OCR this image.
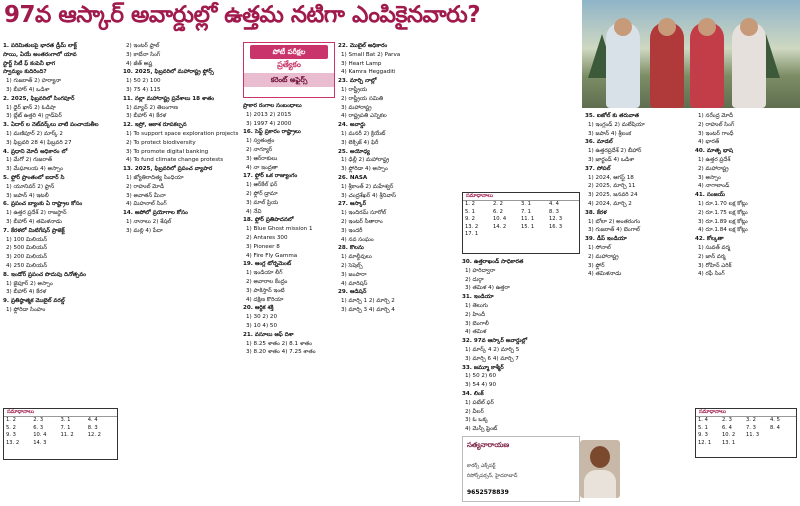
97వ ఆస్కార్ అవార్డుల్లో ఉత్తమ నటిగా ఎంపికైనవారు?

1. పరిమితులపై భారత డ్రీమ్ లాక్ట్

సాయి, ఏయే అంతరంగాలో యావ

స్టార్ట్ సిటీ ఫ్ కంపెనీ భాగ

స్వామ్యం కుదిరింది?

1) గుజరాత్ 2) హర్యానా

3) బీహార్ 4) ఒడిశా

2. 2025, ఫిబ్రవరిలో సింగపూర్

1) ధైర్ ఖాన్ 2) ఓడిషా

3) బ్లేట్ ఉత్తరి 4) గ్లాడ్‌పెర్

3. ఏదార్ ల నెట్‌వర్క్‌లు వాటి పంచాయతీల

1) మణిపూర్ 2) మార్క్ 2

3) ఫిబ్రవరి 28 4) ఫిబ్రవరి 27

4. ప్రధాని మోదీ అధికారం లో

1) మేగో 2) గుజరాత్

3) మేఘాలయ 4) అస్సాం

5. ఫ్లోర్‌ ప్రాంతంలో ఐదార్ సి

1) యూనివర్ 2) ఫ్రాన్

3) జపాన్ 4) ఇటలీ

6. ప్రపంచ బ్యాంకు ఏ రాష్ట్రాల కోసం

1) ఉత్తర ప్రదేశ్ 2) రాజస్థాన్

3) బీహార్ 4) తమిళనాడు

7. కేరళలో మిటిగేషన్ ప్రాజెక్ట్

1) 100 మిలియన్

2) 500 మిలియన్

3) 200 మిలియన్

4) 250 మిలియన్

8. ఇండోర్ ప్రపంచ పొదుపు దినోత్సవం

1) జైపూర్ 2) అస్సాం

3) బీహార్ 4) కేరళ

9. ప్రతిష్ఠాత్మక మొబైల్ వరల్డ్

1) ఫ్లోరిడా సింహం

2) ఇంటర్ ఫ్రాల్

3) కాబేనా సింగ్

4) జీత్ అష్ట

10. 2025, ఫిబ్రవరిలో మహారాష్ట్ర ఫ్లోర్స్

1) 50 2) 100

3) 75 4) 115

11. నల్లా మహారాష్ట్ర ప్రవేశాలు 18 శాతం

1) మ్యాన్ 2) తెలంగాణ

3) బీహార్ 4) కేరళ

12. ఇస్రో, ఆకాశ రూపకల్పన

1) To support space exploration projects

2) To protect biodiversity

3) To promote digital banking

4) To fund climate change protests

13. 2025, ఫిబ్రవరిలో ప్రపంచ వ్యాపార

1) జ్యోతిరాదిత్య సింధియా

2) రాహుల్ మోడీ

3) అవాతన్ మీనా

4) మిహనాల్ సింగ్

14. అపోలో ప్రయోగాల కోసం

1) నానాలు 2) శేషల్

3) మల్లి 4) పేదా

ప్రాకార రంగాల సంబంధాలు

1) 2013 2) 2015

3) 1997 4) 2000

16. సెప్ట్ ప్రకారం రాష్ట్రాలు

1) స్వతంత్రం

2) నాగ్యూర్

3) ఆర్‌రాకులు

4) నా ఇంద్రతా

17. ఫ్లోర్ ఒక రాజ్యాంగం

1) ఆర్‌కేల్ ఫర్

2) ఫ్లోర్ డ్రామా

3) మాల్ ప్రియ

4) నేవి

18. ఫ్లోర్ ప్రతిపాదనలో

1) Blue Ghost mission 1

2) Antares 300

3) Pioneer 8

4) Fire Fly Gamma

19. ఆంగ్ల టోర్నమెంట్

1) ఇండియా లీగ్

2) అవారాల కేంద్రం

3) పాకిస్తాన్ ఇంటి

4) దక్షిణ కొరియా

20. ఆర్థిక శక్తి

1) 30 2) 20

3) 10 4) 50

21. వసూలు ఆఫ్ దిశా

1) 8.25 శాతం 2) 8.1 శాతం

3) 8.20 శాతం 4) 7.25 శాతం

22. మొబైల్ అధికారం

1) Small Bat 2) Parva

3) Heart Lamp

4) Kamra Heggaditi

23. మార్చి నాల్లో

1) రాష్ట్రీయ

2) రాష్ట్రీయ సమితి

3) మహారాష్ట్ర

4) రాష్ట్రపతి ఎన్నికల

24. అవార్డు

1) మనరీ 2) క్రియేట్

3) లెక్సిజ్ 4) ఫిరీ

25. అయోధ్య

1) ఢిల్లీ 2) మహారాష్ట్ర

3) ఫ్లోరిడా 4) అస్సాం

26. NASA

1) శ్రీకాంత్ 2) మహేశ్వర్

3) చంద్రశేఖర్ 4) శ్రీనివాస్

27. ఆస్కార్

1) ఇందిరమ్ సూరోల్

2) ఇంటర్ సీతారాం

3) ఇందరీ

4) నవ సంఘం

28. కొలను

1) మాల్దీవులు

2) సెషెల్స్

3) జంపారా

4) మారిషస్

29. ఆడిషన్

1) మార్చి 1 2) మార్చి 2

3) మార్చి 3 4) మార్చి 4

30. ఉత్తరాఖండ్ సాధికారత

1) హరిద్వారా

2) దుర్గా

3) తమిళ 4) ఉత్తరా

31. ఇండియా

1) తెలుగు

2) హిందీ

3) బెంగాలీ

4) తమిళ

32. 97వ ఆస్కార్ అవార్డుల్లో

1) మార్క్ 4 2) మార్చి 5

3) మార్చి 6 4) మార్చి 7

33. జమ్మూ కాశ్మీర్

1) 50 2) 60

3) 54 4) 90

34. లింక్

1) పటేల్ ఫర్

2) వీలర్

3) ఓ ఒక్క

4) మెస్సీ ఫ్రెంట్

35. ఐజోల్ కు తరువాత

1) ఇంగ్లండ్ 2) మలేషియా

3) జపాన్ 4) శ్రీలంక

36. మాడల్

1) ఉత్తరప్రదేశ్ 2) బీహార్

3) జార్ఖండ్ 4) ఒడిశా

37. సోపల్

1) 2024, ఆగస్ట్ 18

2) 2025, మార్చి 11

3) 2025, జనవరి 24

4) 2024, మార్చి 2

38. కేరళ

1) బోలా 2) అంతరంగం

3) గుజరాత్ 4) బెంగాల్

39. డీప్ ఇండియా

1) సోనాల్

2) మహారాష్ట్ర

3) ఫ్లోర్

4) తమిళనాడు

1) నరేంద్ర మోదీ

2) రాహుల్ సింగ్

3) ఇంటర్ గాంధీ

4) భారత్

40. మాతృ భాష

1) ఉత్తర ప్రదేశ్

2) మహారాష్ట్ర

3) అస్సాం

4) నాగాలాండ్

41. సంజయ్

1) రూ.1.70 లక్ష కోట్లు

2) రూ.1.75 లక్ష కోట్లు

3) రూ.1.89 లక్ష కోట్లు

4) రూ.1.84 లక్ష కోట్లు

42. కోల్కతా

1) సువత్ వర్మ

2) జాన్ వర్మ

3) రోహిన్ ఎరిక్

4) రఫీ సింగ్

పోటీ పరీక్షల
ప్రత్యేకం
కరెంట్ అఫైర్స్
సమాధానాలు
1. 2	2. 3	3. 1	4. 4
5. 2	6. 3	7. 1	8. 3
9. 3	10. 4	11. 2	12. 2
13. 2	14. 3
సమాధానాలు
1. 2	2. 2	3. 1	4. 4
5. 1	6. 2	7. 1	8. 3
9. 2	10. 4	11. 1	12. 3
13. 2	14. 2	15. 1	16. 3
17. 1
సమాధానాలు
1. 4	2. 3	3. 2	4. 5
5. 1	6. 4	7. 3	8. 4
9. 3	10. 2	11. 3
12. 1	13. 1
సత్యనారాయణ
కారర్స్ ఎక్స్‌పర్ట్
రిసోర్స్‌పర్సన్, హైదరాబాద్
9652578839
